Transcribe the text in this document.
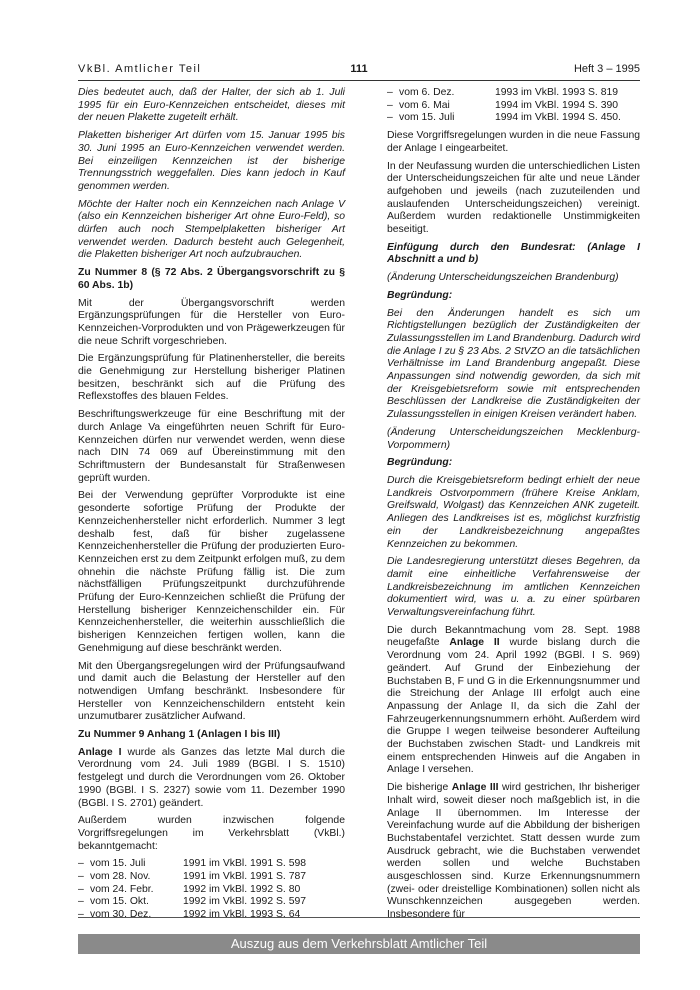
VkBl. Amtlicher Teil	111	Heft 3 – 1995

Dies bedeutet auch, daß der Halter, der sich ab 1. Juli 1995 für ein Euro-Kennzeichen entscheidet, dieses mit der neuen Plakette zugeteilt erhält.

Plaketten bisheriger Art dürfen vom 15. Januar 1995 bis 30. Juni 1995 an Euro-Kennzeichen verwendet werden. Bei einzeiligen Kennzeichen ist der bisherige Trennungsstrich weggefallen. Dies kann jedoch in Kauf genommen werden.

Möchte der Halter noch ein Kennzeichen nach Anlage V (also ein Kennzeichen bisheriger Art ohne Euro-Feld), so dürfen auch noch Stempelplaketten bisheriger Art verwendet werden. Dadurch besteht auch Gelegenheit, die Plaketten bisheriger Art noch aufzubrauchen.

Zu Nummer 8 (§ 72 Abs. 2 Übergangsvorschrift zu § 60 Abs. 1b)

Mit der Übergangsvorschrift werden Ergänzungsprüfungen für die Hersteller von Euro-Kennzeichen-Vorprodukten und von Prägewerkzeugen für die neue Schrift vorgeschrieben.

Die Ergänzungsprüfung für Platinenhersteller, die bereits die Genehmigung zur Herstellung bisheriger Platinen besitzen, beschränkt sich auf die Prüfung des Reflexstoffes des blauen Feldes.

Beschriftungswerkzeuge für eine Beschriftung mit der durch Anlage Va eingeführten neuen Schrift für Euro-Kennzeichen dürfen nur verwendet werden, wenn diese nach DIN 74 069 auf Übereinstimmung mit den Schriftmustern der Bundesanstalt für Straßenwesen geprüft wurden.

Bei der Verwendung geprüfter Vorprodukte ist eine gesonderte sofortige Prüfung der Produkte der Kennzeichenhersteller nicht erforderlich. Nummer 3 legt deshalb fest, daß für bisher zugelassene Kennzeichenhersteller die Prüfung der produzierten Euro-Kennzeichen erst zu dem Zeitpunkt erfolgen muß, zu dem ohnehin die nächste Prüfung fällig ist. Die zum nächstfälligen Prüfungszeitpunkt durchzuführende Prüfung der Euro-Kennzeichen schließt die Prüfung der Herstellung bisheriger Kennzeichenschilder ein. Für Kennzeichenhersteller, die weiterhin ausschließlich die bisherigen Kennzeichen fertigen wollen, kann die Genehmigung auf diese beschränkt werden.

Mit den Übergangsregelungen wird der Prüfungsaufwand und damit auch die Belastung der Hersteller auf den notwendigen Umfang beschränkt. Insbesondere für Hersteller von Kennzeichenschildern entsteht kein unzumutbarer zusätzlicher Aufwand.

Zu Nummer 9 Anhang 1 (Anlagen I bis III)

Anlage I wurde als Ganzes das letzte Mal durch die Verordnung vom 24. Juli 1989 (BGBl. I S. 1510) festgelegt und durch die Verordnungen vom 26. Oktober 1990 (BGBl. I S. 2327) sowie vom 11. Dezember 1990 (BGBl. I S. 2701) geändert.

Außerdem wurden inzwischen folgende Vorgriffsregelungen im Verkehrsblatt (VkBl.) bekanntgemacht:

–	vom 15. Juli	1991 im VkBl. 1991 S. 598
–	vom 28. Nov.	1991 im VkBl. 1991 S. 787
–	vom 24. Febr.	1992 im VkBl. 1992 S. 80
–	vom 15. Okt.	1992 im VkBl. 1992 S. 597
–	vom 30. Dez.	1992 im VkBl. 1993 S. 64
–	vom 6. Dez.	1993 im VkBl. 1993 S. 819
–	vom 6. Mai	1994 im VkBl. 1994 S. 390
–	vom 15. Juli	1994 im VkBl. 1994 S. 450.

Diese Vorgriffsregelungen wurden in die neue Fassung der Anlage I eingearbeitet.

In der Neufassung wurden die unterschiedlichen Listen der Unterscheidungszeichen für alte und neue Länder aufgehoben und jeweils (nach zuzuteilenden und auslaufenden Unterscheidungszeichen) vereinigt. Außerdem wurden redaktionelle Unstimmigkeiten beseitigt.

Einfügung durch den Bundesrat: (Anlage I Abschnitt a und b)

(Änderung Unterscheidungszeichen Brandenburg)

Begründung:

Bei den Änderungen handelt es sich um Richtigstellungen bezüglich der Zuständigkeiten der Zulassungsstellen im Land Brandenburg. Dadurch wird die Anlage I zu § 23 Abs. 2 StVZO an die tatsächlichen Verhältnisse im Land Brandenburg angepaßt. Diese Anpassungen sind notwendig geworden, da sich mit der Kreisgebietsreform sowie mit entsprechenden Beschlüssen der Landkreise die Zuständigkeiten der Zulassungsstellen in einigen Kreisen verändert haben.

(Änderung Unterscheidungszeichen Mecklenburg-Vorpommern)

Begründung:

Durch die Kreisgebietsreform bedingt erhielt der neue Landkreis Ostvorpommern (frühere Kreise Anklam, Greifswald, Wolgast) das Kennzeichen ANK zugeteilt. Anliegen des Landkreises ist es, möglichst kurzfristig ein der Landkreisbezeichnung angepaßtes Kennzeichen zu bekommen.

Die Landesregierung unterstützt dieses Begehren, da damit eine einheitliche Verfahrensweise der Landkreisbezeichnung im amtlichen Kennzeichen dokumentiert wird, was u. a. zu einer spürbaren Verwaltungsvereinfachung führt.

Die durch Bekanntmachung vom 28. Sept. 1988 neugefaßte Anlage II wurde bislang durch die Verordnung vom 24. April 1992 (BGBl. I S. 969) geändert. Auf Grund der Einbeziehung der Buchstaben B, F und G in die Erkennungsnummer und die Streichung der Anlage III erfolgt auch eine Anpassung der Anlage II, da sich die Zahl der Fahrzeugerkennungsnummern erhöht. Außerdem wird die Gruppe I wegen teilweise besonderer Aufteilung der Buchstaben zwischen Stadt- und Landkreis mit einem entsprechenden Hinweis auf die Angaben in Anlage I versehen.

Die bisherige Anlage III wird gestrichen, Ihr bisheriger Inhalt wird, soweit dieser noch maßgeblich ist, in die Anlage II übernommen. Im Interesse der Vereinfachung wurde auf die Abbildung der bisherigen Buchstabentafel verzichtet. Statt dessen wurde zum Ausdruck gebracht, wie die Buchstaben verwendet werden sollen und welche Buchstaben ausgeschlossen sind. Kurze Erkennungsnummern (zwei- oder dreistellige Kombinationen) sollen nicht als Wunschkennzeichen ausgegeben werden. Insbesondere für

Auszug aus dem Verkehrsblatt Amtlicher Teil
